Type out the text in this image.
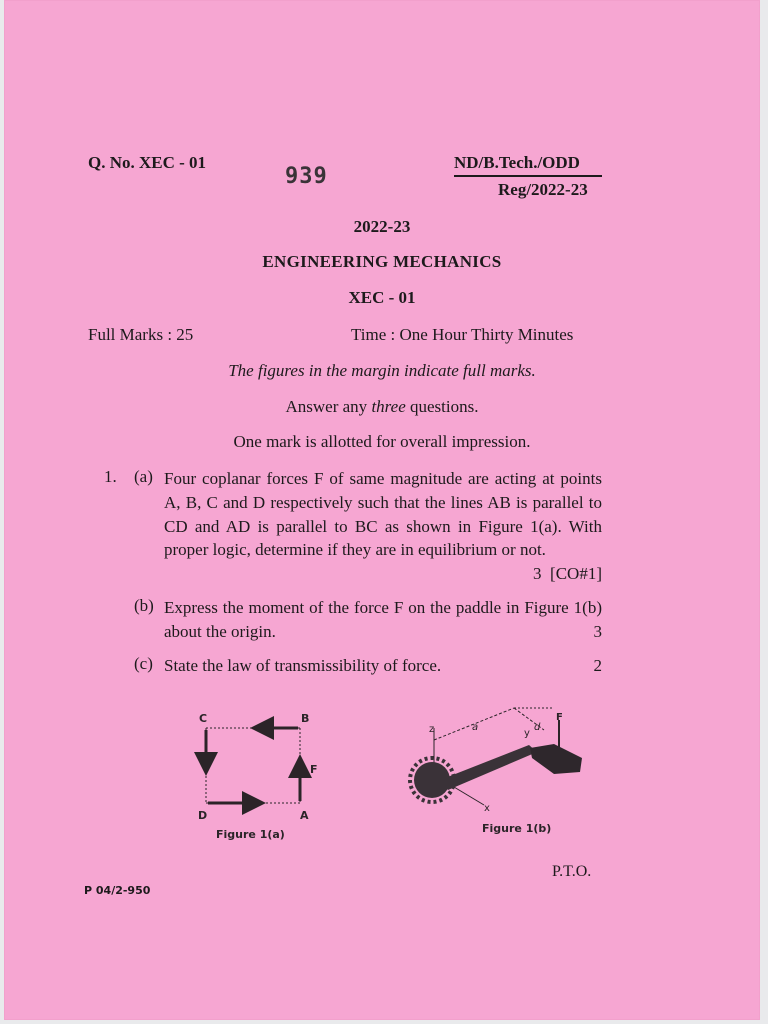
Q. No. XEC - 01
939
ND/B.Tech./ODD
Reg/2022-23
2022-23
ENGINEERING MECHANICS
XEC - 01
Full Marks : 25	Time : One Hour Thirty Minutes
The figures in the margin indicate full marks.
Answer any three questions.
One mark is allotted for overall impression.
1. (a) Four coplanar forces F of same magnitude are acting at points A, B, C and D respectively such that the lines AB is parallel to CD and AD is parallel to BC as shown in Figure 1(a). With proper logic, determine if they are in equilibrium or not.
3 [CO#1]
(b) Express the moment of the force F on the paddle in Figure 1(b) about the origin.	3
(c) State the law of transmissibility of force.	2
C	B
D	A
F
Figure 1(a)
z	a
y
d
F
x
Figure 1(b)
P.T.O.
P 04/2-950
